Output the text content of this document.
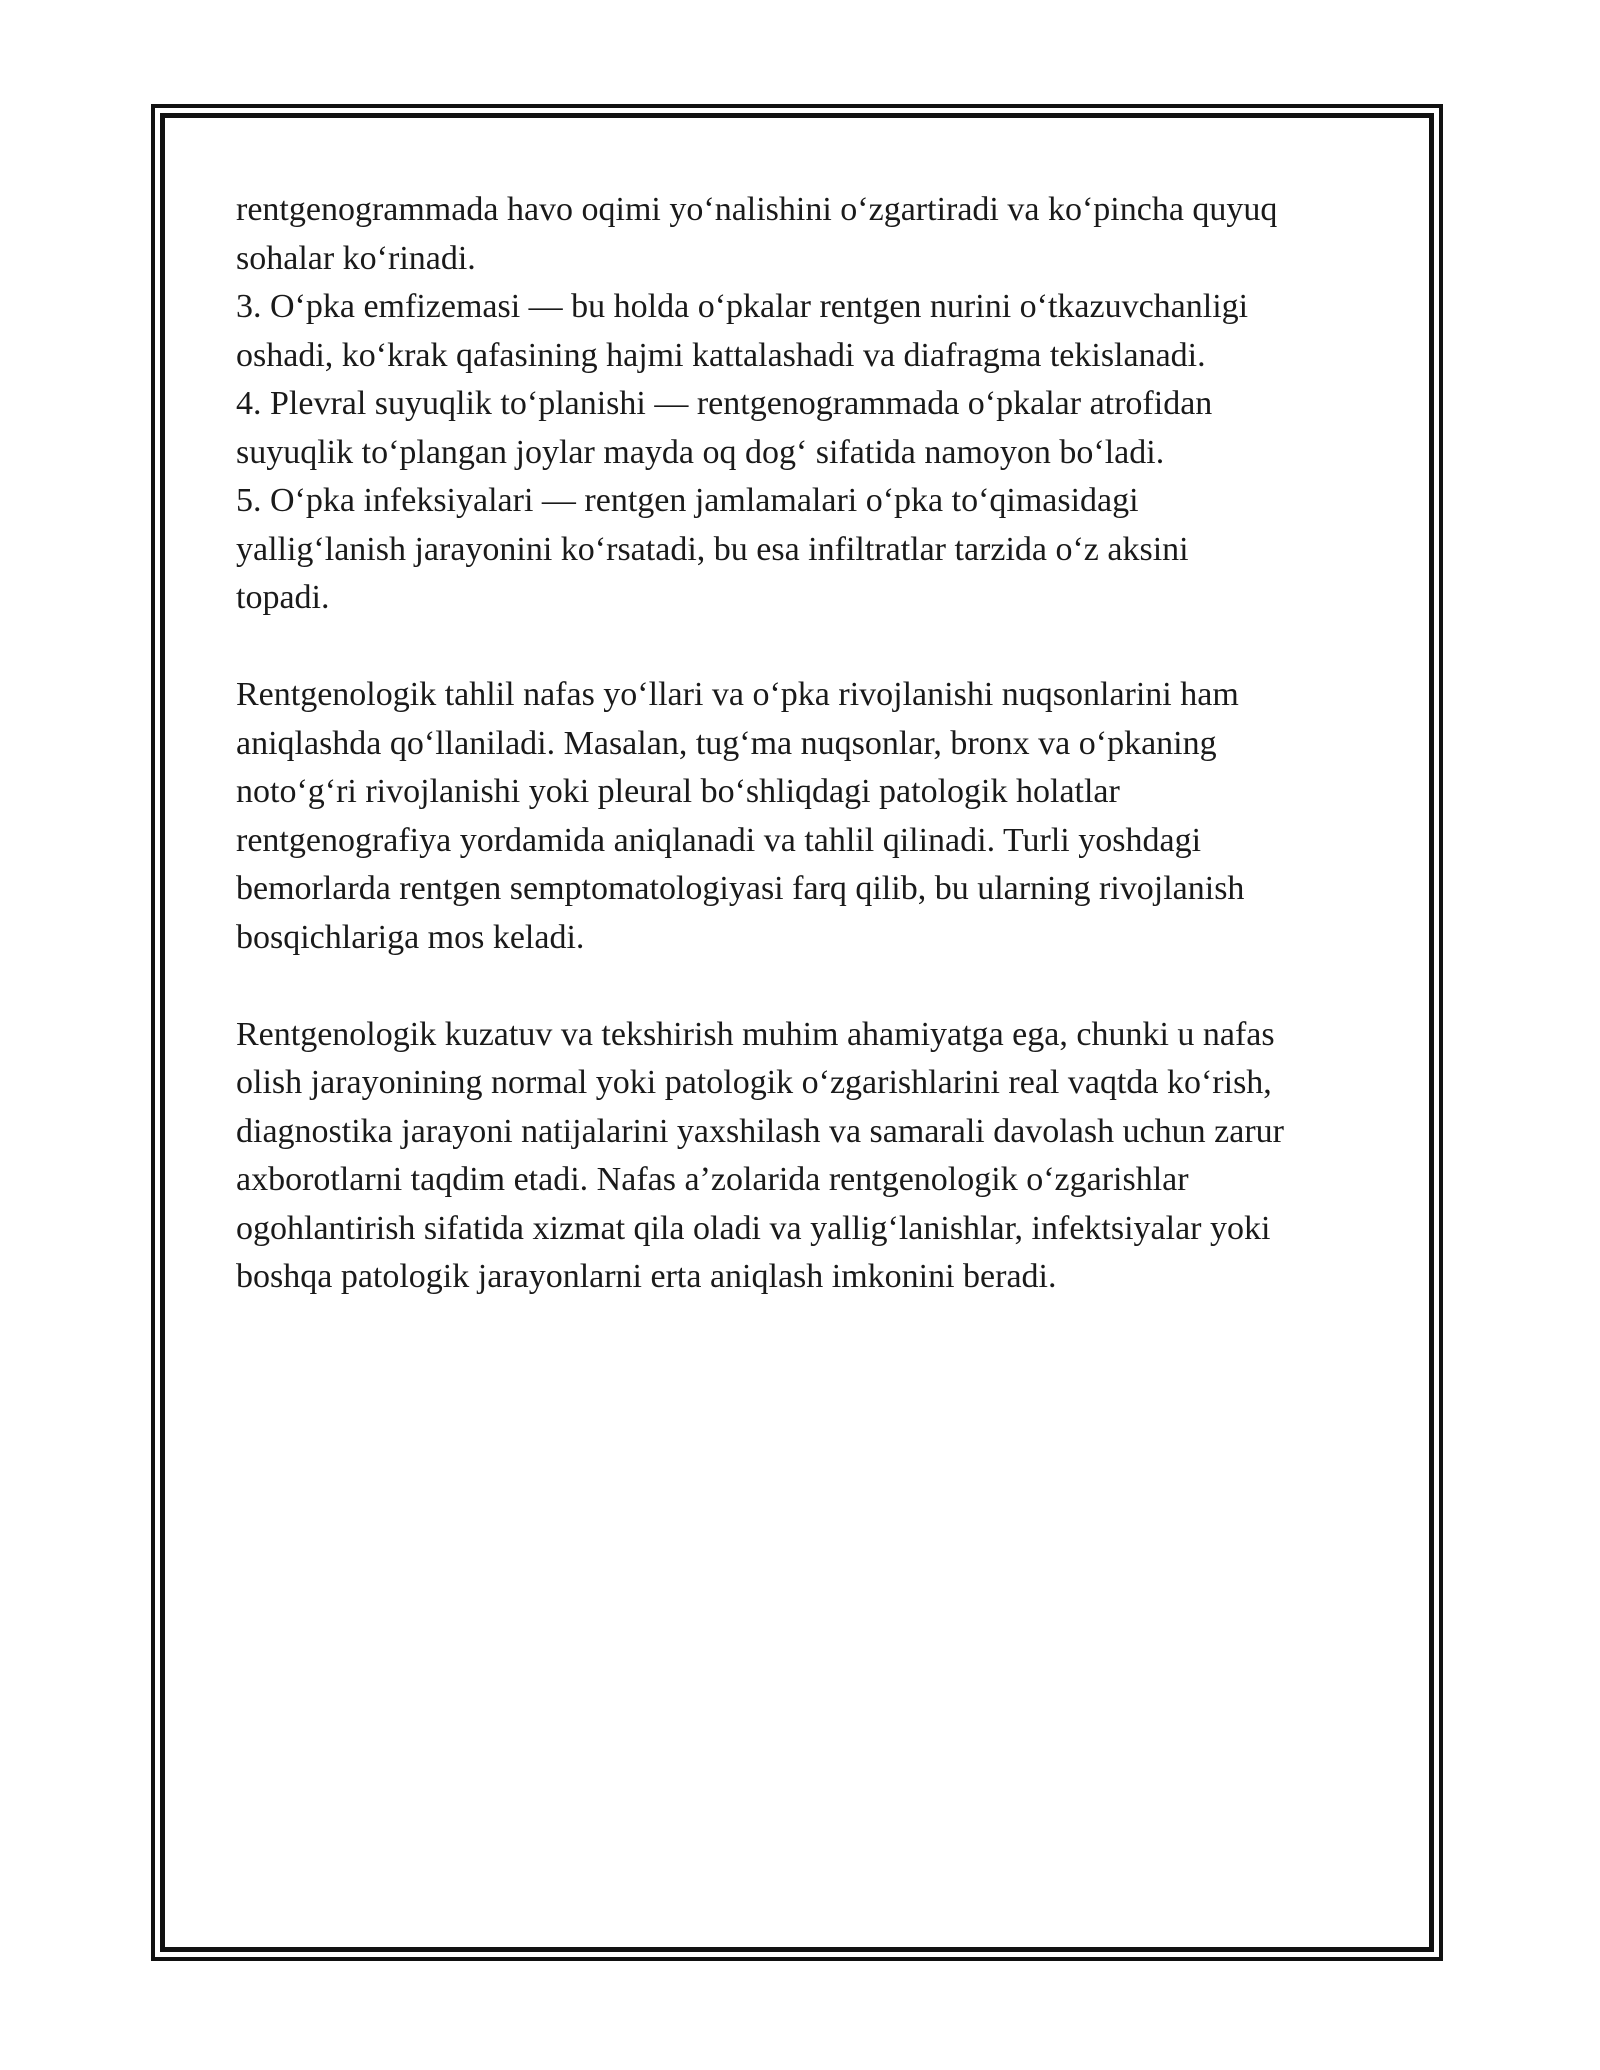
rentgenogrammada havo oqimi yoʻnalishini oʻzgartiradi va koʻpincha quyuq
sohalar koʻrinadi.
3. Oʻpka emfizemasi — bu holda oʻpkalar rentgen nurini oʻtkazuvchanligi
oshadi, koʻkrak qafasining hajmi kattalashadi va diafragma tekislanadi.
4. Plevral suyuqlik toʻplanishi — rentgenogrammada oʻpkalar atrofidan
suyuqlik toʻplangan joylar mayda oq dogʻ sifatida namoyon boʻladi.
5. Oʻpka infeksiyalari — rentgen jamlamalari oʻpka toʻqimasidagi
yalligʻlanish jarayonini koʻrsatadi, bu esa infiltratlar tarzida oʻz aksini
topadi.

Rentgenologik tahlil nafas yoʻllari va oʻpka rivojlanishi nuqsonlarini ham
aniqlashda qoʻllaniladi. Masalan, tugʻma nuqsonlar, bronx va oʻpkaning
notoʻgʻri rivojlanishi yoki pleural boʻshliqdagi patologik holatlar
rentgenografiya yordamida aniqlanadi va tahlil qilinadi. Turli yoshdagi
bemorlarda rentgen semptomatologiyasi farq qilib, bu ularning rivojlanish
bosqichlariga mos keladi.

Rentgenologik kuzatuv va tekshirish muhim ahamiyatga ega, chunki u nafas
olish jarayonining normal yoki patologik oʻzgarishlarini real vaqtda koʻrish,
diagnostika jarayoni natijalarini yaxshilash va samarali davolash uchun zarur
axborotlarni taqdim etadi. Nafas aʼzolarida rentgenologik oʻzgarishlar
ogohlantirish sifatida xizmat qila oladi va yalligʻlanishlar, infektsiyalar yoki
boshqa patologik jarayonlarni erta aniqlash imkonini beradi.
